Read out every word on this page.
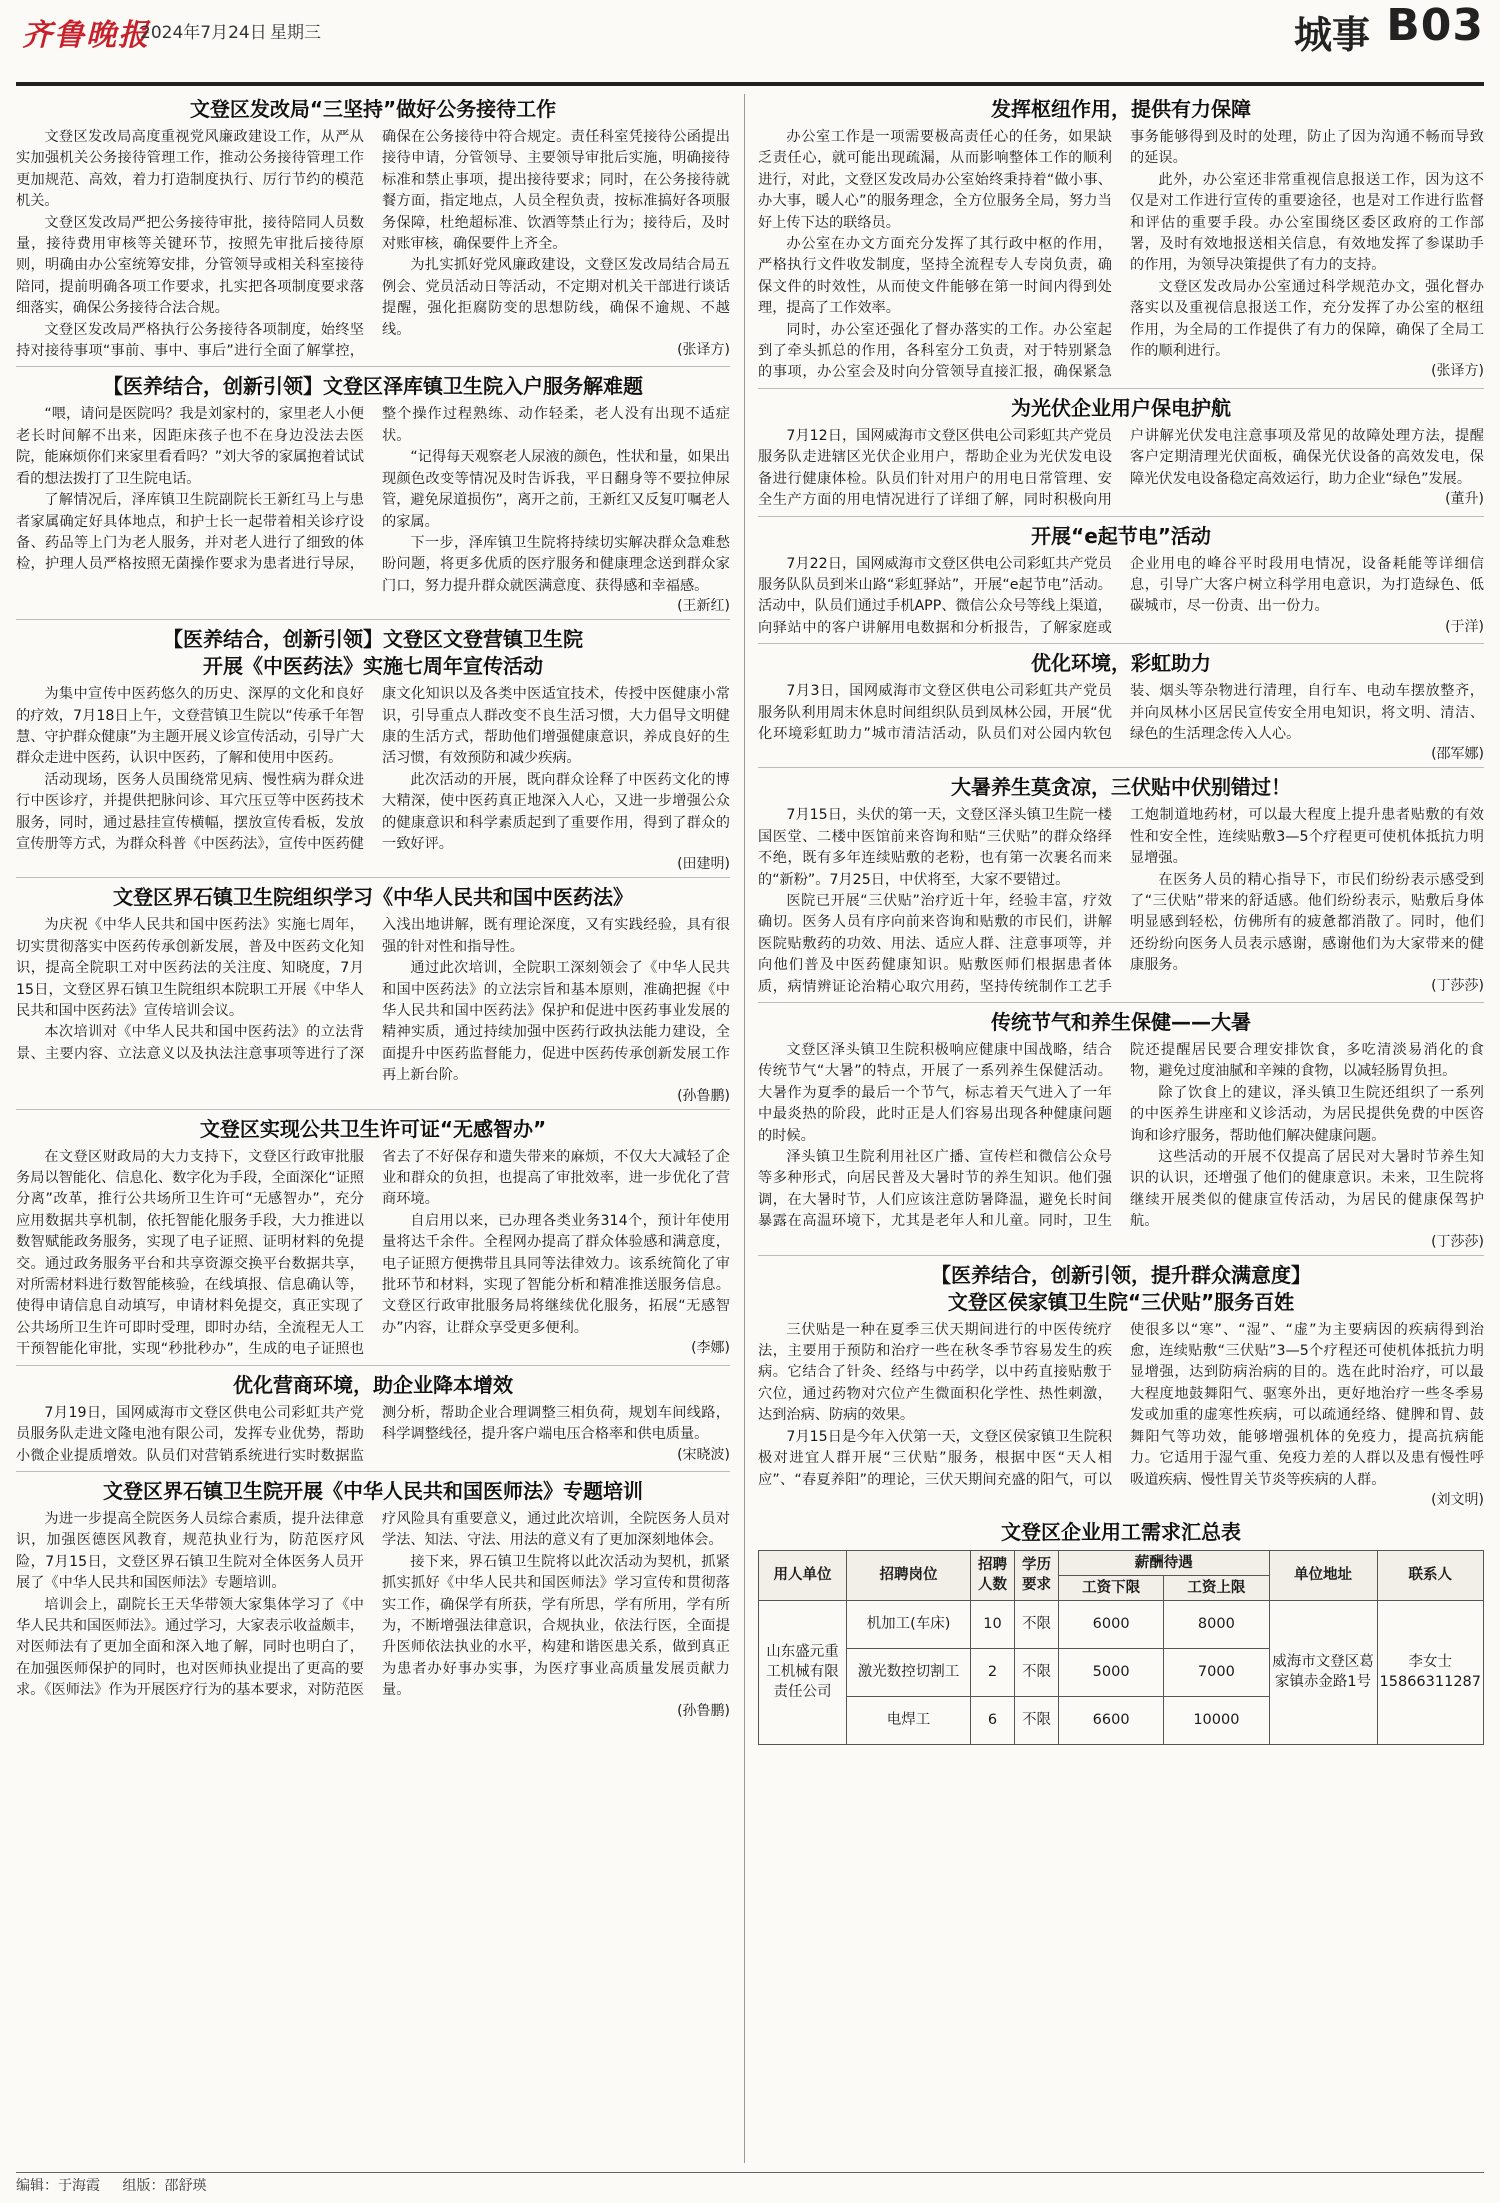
齐鲁晚报
2024年7月24日 星期三	城事 B03
文登区发改局“三坚持”做好公务接待工作

文登区发改局高度重视党风廉政建设工作，从严从实加强机关公务接待管理工作，推动公务接待管理工作更加规范、高效，着力打造制度执行、厉行节约的模范机关。

文登区发改局严把公务接待审批，接待陪同人员数量，接待费用审核等关键环节，按照先审批后接待原则，明确由办公室统筹安排，分管领导或相关科室接待陪同，提前明确各项工作要求，扎实把各项制度要求落细落实，确保公务接待合法合规。

文登区发改局严格执行公务接待各项制度，始终坚持对接待事项“事前、事中、事后”进行全面了解掌控，确保在公务接待中符合规定。责任科室凭接待公函提出接待申请，分管领导、主要领导审批后实施，明确接待标准和禁止事项，提出接待要求；同时，在公务接待就餐方面，指定地点，人员全程负责，按标准搞好各项服务保障，杜绝超标准、饮酒等禁止行为；接待后，及时对账审核，确保要件上齐全。

为扎实抓好党风廉政建设，文登区发改局结合局五例会、党员活动日等活动，不定期对机关干部进行谈话提醒，强化拒腐防变的思想防线，确保不逾规、不越线。

(张译方)
【医养结合，创新引领】文登区泽库镇卫生院入户服务解难题

“喂，请问是医院吗？我是刘家村的，家里老人小便老长时间解不出来，因距床孩子也不在身边没法去医院，能麻烦你们来家里看看吗？”刘大爷的家属抱着试试看的想法拨打了卫生院电话。

了解情况后，泽库镇卫生院副院长王新红马上与患者家属确定好具体地点，和护士长一起带着相关诊疗设备、药品等上门为老人服务，并对老人进行了细致的体检，护理人员严格按照无菌操作要求为患者进行导尿，整个操作过程熟练、动作轻柔，老人没有出现不适症状。

“记得每天观察老人尿液的颜色，性状和量，如果出现颜色改变等情况及时告诉我，平日翻身等不要拉伸尿管，避免尿道损伤”，离开之前，王新红又反复叮嘱老人的家属。

下一步，泽库镇卫生院将持续切实解决群众急难愁盼问题，将更多优质的医疗服务和健康理念送到群众家门口，努力提升群众就医满意度、获得感和幸福感。

(王新红)
【医养结合，创新引领】文登区文登营镇卫生院
开展《中医药法》实施七周年宣传活动

为集中宣传中医药悠久的历史、深厚的文化和良好的疗效，7月18日上午，文登营镇卫生院以“传承千年智慧、守护群众健康”为主题开展义诊宣传活动，引导广大群众走进中医药，认识中医药，了解和使用中医药。

活动现场，医务人员围绕常见病、慢性病为群众进行中医诊疗，并提供把脉问诊、耳穴压豆等中医药技术服务，同时，通过悬挂宣传横幅，摆放宣传看板，发放宣传册等方式，为群众科普《中医药法》，宣传中医药健康文化知识以及各类中医适宜技术，传授中医健康小常识，引导重点人群改变不良生活习惯，大力倡导文明健康的生活方式，帮助他们增强健康意识，养成良好的生活习惯，有效预防和减少疾病。

此次活动的开展，既向群众诠释了中医药文化的博大精深，使中医药真正地深入人心，又进一步增强公众的健康意识和科学素质起到了重要作用，得到了群众的一致好评。

(田建明)
文登区界石镇卫生院组织学习《中华人民共和国中医药法》

为庆祝《中华人民共和国中医药法》实施七周年，切实贯彻落实中医药传承创新发展，普及中医药文化知识，提高全院职工对中医药法的关注度、知晓度，7月15日，文登区界石镇卫生院组织本院职工开展《中华人民共和国中医药法》宣传培训会议。

本次培训对《中华人民共和国中医药法》的立法背景、主要内容、立法意义以及执法注意事项等进行了深入浅出地讲解，既有理论深度，又有实践经验，具有很强的针对性和指导性。

通过此次培训，全院职工深刻领会了《中华人民共和国中医药法》的立法宗旨和基本原则，准确把握《中华人民共和国中医药法》保护和促进中医药事业发展的精神实质，通过持续加强中医药行政执法能力建设，全面提升中医药监督能力，促进中医药传承创新发展工作再上新台阶。

(孙鲁鹏)
文登区实现公共卫生许可证“无感智办”

在文登区财政局的大力支持下，文登区行政审批服务局以智能化、信息化、数字化为手段，全面深化“证照分离”改革，推行公共场所卫生许可“无感智办”，充分应用数据共享机制，依托智能化服务手段，大力推进以数智赋能政务服务，实现了电子证照、证明材料的免提交。通过政务服务平台和共享资源交换平台数据共享，对所需材料进行数智能核验，在线填报、信息确认等，使得申请信息自动填写，申请材料免提交，真正实现了公共场所卫生许可即时受理，即时办结，全流程无人工干预智能化审批，实现“秒批秒办”，生成的电子证照也省去了不好保存和遗失带来的麻烦，不仅大大减轻了企业和群众的负担，也提高了审批效率，进一步优化了营商环境。

自启用以来，已办理各类业务314个，预计年使用量将达千余件。全程网办提高了群众体验感和满意度，电子证照方便携带且具同等法律效力。该系统简化了审批环节和材料，实现了智能分析和精准推送服务信息。文登区行政审批服务局将继续优化服务，拓展“无感智办”内容，让群众享受更多便利。

(李娜)
优化营商环境，助企业降本增效

7月19日，国网威海市文登区供电公司彩虹共产党员服务队走进文隆电池有限公司，发挥专业优势，帮助小微企业提质增效。队员们对营销系统进行实时数据监测分析，帮助企业合理调整三相负荷，规划车间线路，科学调整线径，提升客户端电压合格率和供电质量。

(宋晓波)
文登区界石镇卫生院开展《中华人民共和国医师法》专题培训

为进一步提高全院医务人员综合素质，提升法律意识，加强医德医风教育，规范执业行为，防范医疗风险，7月15日，文登区界石镇卫生院对全体医务人员开展了《中华人民共和国医师法》专题培训。

培训会上，副院长王天华带领大家集体学习了《中华人民共和国医师法》。通过学习，大家表示收益颇丰，对医师法有了更加全面和深入地了解，同时也明白了，在加强医师保护的同时，也对医师执业提出了更高的要求。《医师法》作为开展医疗行为的基本要求，对防范医疗风险具有重要意义，通过此次培训，全院医务人员对学法、知法、守法、用法的意义有了更加深刻地体会。

接下来，界石镇卫生院将以此次活动为契机，抓紧抓实抓好《中华人民共和国医师法》学习宣传和贯彻落实工作，确保学有所获，学有所思，学有所用，学有所为，不断增强法律意识，合规执业，依法行医，全面提升医师依法执业的水平，构建和谐医患关系，做到真正为患者办好事办实事，为医疗事业高质量发展贡献力量。

(孙鲁鹏)
发挥枢纽作用，提供有力保障

办公室工作是一项需要极高责任心的任务，如果缺乏责任心，就可能出现疏漏，从而影响整体工作的顺利进行，对此，文登区发改局办公室始终秉持着“做小事、办大事，暖人心”的服务理念，全方位服务全局，努力当好上传下达的联络员。

办公室在办文方面充分发挥了其行政中枢的作用，严格执行文件收发制度，坚持全流程专人专岗负责，确保文件的时效性，从而使文件能够在第一时间内得到处理，提高了工作效率。

同时，办公室还强化了督办落实的工作。办公室起到了牵头抓总的作用，各科室分工负责，对于特别紧急的事项，办公室会及时向分管领导直接汇报，确保紧急事务能够得到及时的处理，防止了因为沟通不畅而导致的延误。

此外，办公室还非常重视信息报送工作，因为这不仅是对工作进行宣传的重要途径，也是对工作进行监督和评估的重要手段。办公室围绕区委区政府的工作部署，及时有效地报送相关信息，有效地发挥了参谋助手的作用，为领导决策提供了有力的支持。

文登区发改局办公室通过科学规范办文，强化督办落实以及重视信息报送工作，充分发挥了办公室的枢纽作用，为全局的工作提供了有力的保障，确保了全局工作的顺利进行。

(张译方)
为光伏企业用户保电护航

7月12日，国网威海市文登区供电公司彩虹共产党员服务队走进辖区光伏企业用户，帮助企业为光伏发电设备进行健康体检。队员们针对用户的用电日常管理、安全生产方面的用电情况进行了详细了解，同时积极向用户讲解光伏发电注意事项及常见的故障处理方法，提醒客户定期清理光伏面板，确保光伏设备的高效发电，保障光伏发电设备稳定高效运行，助力企业“绿色”发展。

(董升)
开展“e起节电”活动

7月22日，国网威海市文登区供电公司彩虹共产党员服务队队员到米山路“彩虹驿站”，开展“e起节电”活动。活动中，队员们通过手机APP、微信公众号等线上渠道，向驿站中的客户讲解用电数据和分析报告，了解家庭或企业用电的峰谷平时段用电情况，设备耗能等详细信息，引导广大客户树立科学用电意识，为打造绿色、低碳城市，尽一份责、出一份力。

(于洋)
优化环境，彩虹助力

7月3日，国网威海市文登区供电公司彩虹共产党员服务队利用周末休息时间组织队员到凤林公园，开展“优化环境彩虹助力”城市清洁活动，队员们对公园内软包装、烟头等杂物进行清理，自行车、电动车摆放整齐，并向凤林小区居民宣传安全用电知识，将文明、清洁、绿色的生活理念传入人心。

(邵军娜)
大暑养生莫贪凉，三伏贴中伏别错过！

7月15日，头伏的第一天，文登区泽头镇卫生院一楼国医堂、二楼中医馆前来咨询和贴“三伏贴”的群众络绎不绝，既有多年连续贴敷的老粉，也有第一次裹名而来的“新粉”。7月25日，中伏将至，大家不要错过。

医院已开展“三伏贴”治疗近十年，经验丰富，疗效确切。医务人员有序向前来咨询和贴敷的市民们，讲解医院贴敷药的功效、用法、适应人群、注意事项等，并向他们普及中医药健康知识。贴敷医师们根据患者体质，病情辨证论治精心取穴用药，坚持传统制作工艺手工炮制道地药材，可以最大程度上提升患者贴敷的有效性和安全性，连续贴敷3—5个疗程更可使机体抵抗力明显增强。

在医务人员的精心指导下，市民们纷纷表示感受到了“三伏贴”带来的舒适感。他们纷纷表示，贴敷后身体明显感到轻松，仿佛所有的疲惫都消散了。同时，他们还纷纷向医务人员表示感谢，感谢他们为大家带来的健康服务。

(丁莎莎)
传统节气和养生保健——大暑

文登区泽头镇卫生院积极响应健康中国战略，结合传统节气“大暑”的特点，开展了一系列养生保健活动。大暑作为夏季的最后一个节气，标志着天气进入了一年中最炎热的阶段，此时正是人们容易出现各种健康问题的时候。

泽头镇卫生院利用社区广播、宣传栏和微信公众号等多种形式，向居民普及大暑时节的养生知识。他们强调，在大暑时节，人们应该注意防暑降温，避免长时间暴露在高温环境下，尤其是老年人和儿童。同时，卫生院还提醒居民要合理安排饮食，多吃清淡易消化的食物，避免过度油腻和辛辣的食物，以减轻肠胃负担。

除了饮食上的建议，泽头镇卫生院还组织了一系列的中医养生讲座和义诊活动，为居民提供免费的中医咨询和诊疗服务，帮助他们解决健康问题。

这些活动的开展不仅提高了居民对大暑时节养生知识的认识，还增强了他们的健康意识。未来，卫生院将继续开展类似的健康宣传活动，为居民的健康保驾护航。

(丁莎莎)
【医养结合，创新引领，提升群众满意度】
文登区侯家镇卫生院“三伏贴”服务百姓

三伏贴是一种在夏季三伏天期间进行的中医传统疗法，主要用于预防和治疗一些在秋冬季节容易发生的疾病。它结合了针灸、经络与中药学，以中药直接贴敷于穴位，通过药物对穴位产生微面积化学性、热性刺激，达到治病、防病的效果。

7月15日是今年入伏第一天，文登区侯家镇卫生院积极对进宜人群开展“三伏贴”服务，根据中医“天人相应”、“春夏养阳”的理论，三伏天期间充盛的阳气，可以使很多以“寒”、“湿”、“虚”为主要病因的疾病得到治愈，连续贴敷“三伏贴”3—5个疗程还可使机体抵抗力明显增强，达到防病治病的目的。选在此时治疗，可以最大程度地鼓舞阳气、驱寒外出，更好地治疗一些冬季易发或加重的虚寒性疾病，可以疏通经络、健脾和胃、鼓舞阳气等功效，能够增强机体的免疫力，提高抗病能力。它适用于湿气重、免疫力差的人群以及患有慢性呼吸道疾病、慢性胃关节炎等疾病的人群。

(刘文明)
文登区企业用工需求汇总表
用人单位	招聘岗位	招聘人数	学历要求	薪酬待遇		单位地址	联系人
				工资下限	工资上限		
山东盛元重工机械有限责任公司	机加工(车床)	10	不限	6000	8000	威海市文登区葛家镇赤金路1号	李女士 15866311287
	激光数控切割工	2	不限	5000	7000		
	电焊工	6	不限	6600	10000		
编辑：于海霞 组版：邵舒瑛
